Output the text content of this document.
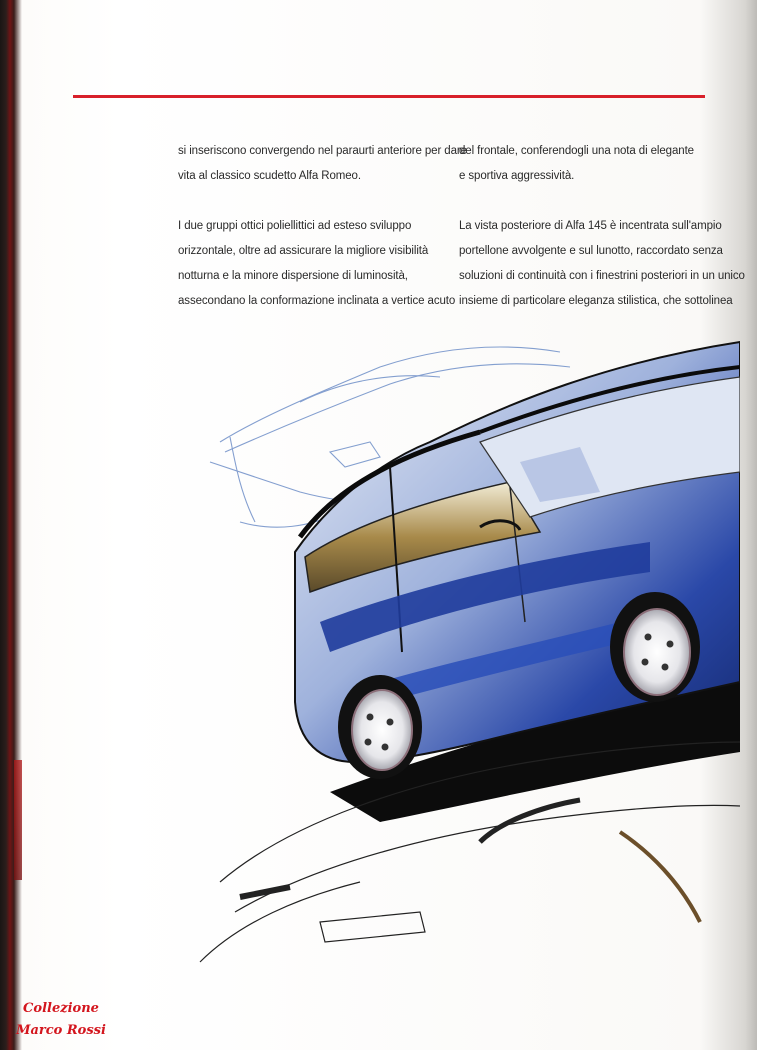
si inseriscono convergendo nel paraurti anteriore per dare

vita al classico scudetto Alfa Romeo.

I due gruppi ottici poliellittici ad esteso sviluppo

orizzontale, oltre ad assicurare la migliore visibilità

notturna e la minore dispersione di luminosità,

assecondano la conformazione inclinata a vertice acuto

del frontale, conferendogli una nota di elegante

e sportiva aggressività.

La vista posteriore di Alfa 145 è incentrata sull'ampio

portellone avvolgente e sul lunotto, raccordato senza

soluzioni di continuità con i finestrini posteriori in un unico

insieme di particolare eleganza stilistica, che sottolinea

Collezione
Marco Rossi
